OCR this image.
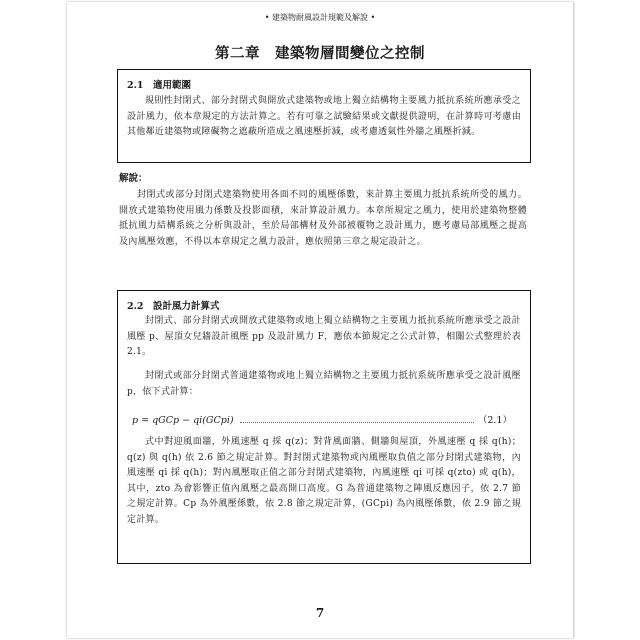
• 建築物耐風設計規範及解說 •
第二章　建築物層間變位之控制
2.1　適用範圍
規則性封閉式、部分封閉式與開放式建築物或地上獨立結構物主要風力抵抗系統所應承受之設計風力，依本章規定的方法計算之。若有可靠之試驗結果或文獻提供證明，在計算時可考慮由其他鄰近建築物或障礙物之遮蔽所造成之風速壓折減，或考慮透氣性外牆之風壓折減。
解說：
封閉式或部分封閉式建築物使用各面不同的風壓係數，來計算主要風力抵抗系統所受的風力。開放式建築物使用風力係數及投影面積，來計算設計風力。本章所規定之風力，使用於建築物整體抵抗風力結構系統之分析與設計，至於局部構材及外部被覆物之設計風力，應考慮局部風壓之提高及內風壓效應，不得以本章規定之風力設計，應依照第三章之規定設計之。
2.2　設計風力計算式
封閉式、部分封閉式或開放式建築物或地上獨立結構物之主要風力抵抗系統所應承受之設計風壓 p、屋頂女兒牆設計風壓 pp 及設計風力 F，應依本節規定之公式計算，相關公式整理於表 2.1。
封閉式或部分封閉式普通建築物或地上獨立結構物之主要風力抵抗系統所應承受之設計風壓 p，依下式計算：
p = qGCp − qi(GCpi)	（2.1）
式中對迎風面牆，外風速壓 q 採 q(z)；對背風面牆、側牆與屋頂，外風速壓 q 採 q(h)；q(z) 與 q(h) 依 2.6 節之規定計算。對封閉式建築物或內風壓取負值之部分封閉式建築物，內風速壓 qi 採 q(h)；對內風壓取正值之部分封閉式建築物，內風速壓 qi 可採 q(zto) 或 q(h)，其中，zto 為會影響正值內風壓之最高開口高度。G 為普通建築物之陣風反應因子，依 2.7 節之規定計算。Cp 為外風壓係數，依 2.8 節之規定計算，(GCpi) 為內風壓係數，依 2.9 節之規定計算。
7
